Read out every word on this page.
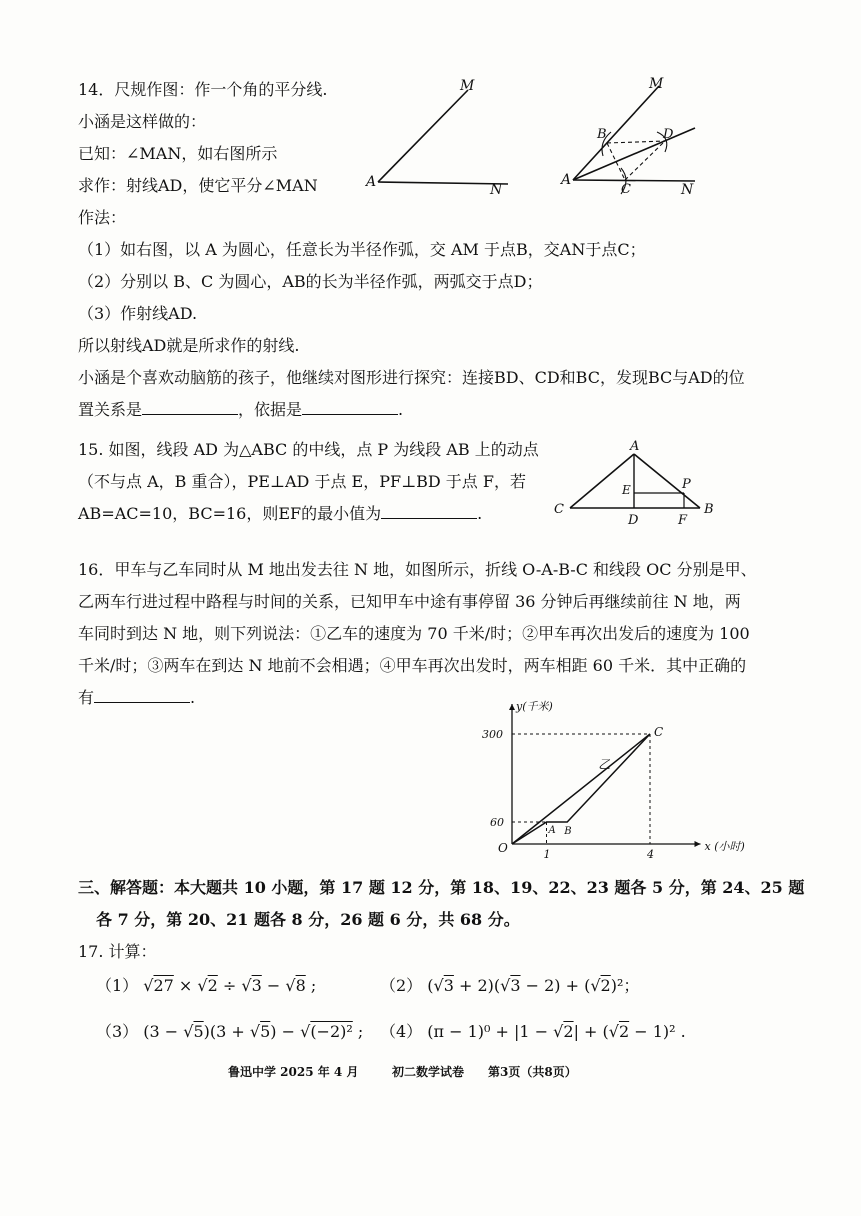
14．尺规作图：作一个角的平分线.
小涵是这样做的：
已知：∠MAN，如右图所示
求作：射线AD，使它平分∠MAN
作法：
（1）如右图，以 A 为圆心，任意长为半径作弧，交 AM 于点B，交AN于点C；
（2）分别以 B、C 为圆心，AB的长为半径作弧，两弧交于点D；
（3）作射线AD.
所以射线AD就是所求作的射线.
小涵是个喜欢动脑筋的孩子，他继续对图形进行探究：连接BD、CD和BC，发现BC与AD的位
置关系是	，依据是	.
M
A	N
M
B	D
A
C	N
15. 如图，线段 AD 为△ABC 的中线，点 P 为线段 AB 上的动点
（不与点 A，B 重合），PE⊥AD 于点 E，PF⊥BD 于点 F，若
AB=AC=10，BC=16，则EF的最小值为	.
A
P
E
C
D	F
B
16．甲车与乙车同时从 M 地出发去往 N 地，如图所示，折线 O-A-B-C 和线段 OC 分别是甲、
乙两车行进过程中路程与时间的关系，已知甲车中途有事停留 36 分钟后再继续前往 N 地，两
车同时到达 N 地，则下列说法：①乙车的速度为 70 千米/时；②甲车再次出发后的速度为 100
千米/时；③两车在到达 N 地前不会相遇；④甲车再次出发时，两车相距 60 千米．其中正确的
有	.	y(千米)
x (小时)
O
300
60
1	4
A B
C
乙
三、解答题：本大题共 10 小题，第 17 题 12 分，第 18、19、22、23 题各 5 分，第 24、25 题
各 7 分，第 20、21 题各 8 分，26 题 6 分，共 68 分。
17. 计算：
（1） √27 × √2 ÷ √3 − √8 ;	（2） (√3 + 2)(√3 − 2) + (√2)²；
（3） (3 − √5)(3 + √5) − √(−2)² ; （4） (π − 1)⁰ + |1 − √2| + (√2 − 1)² .
鲁迅中学 2025 年 4 月	初二数学试卷 第3页（共8页）
